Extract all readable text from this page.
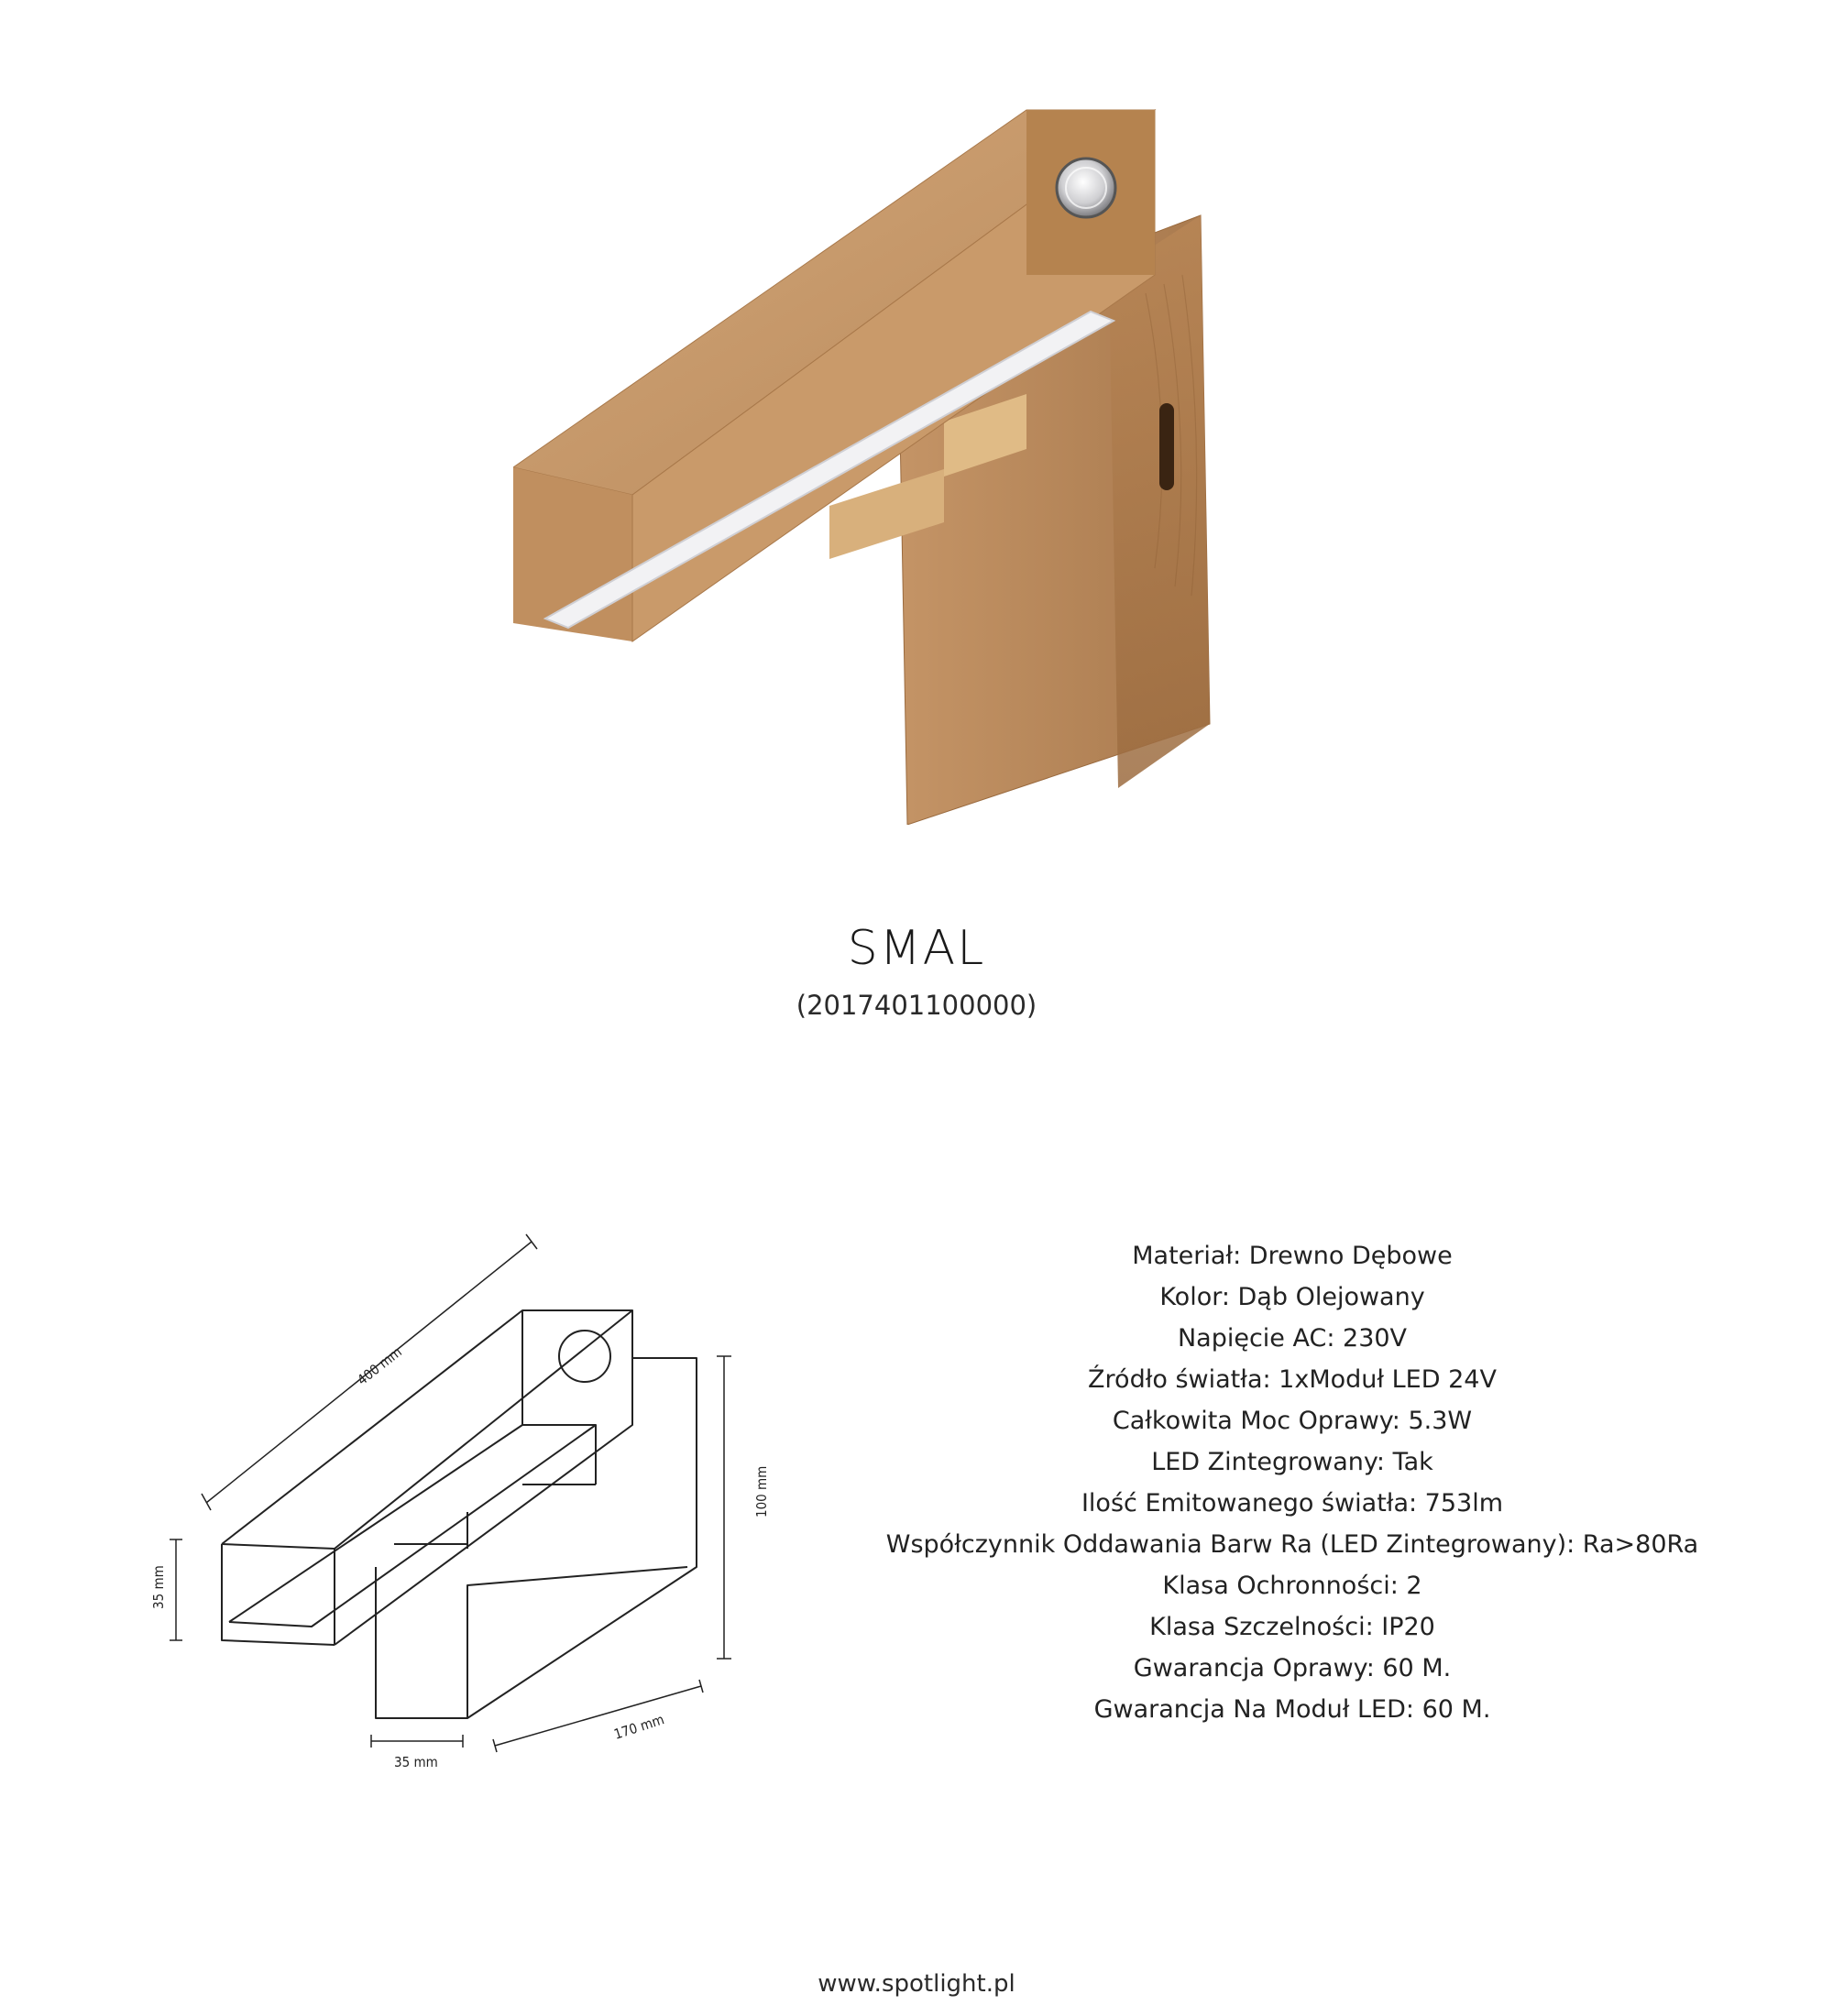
SMAL
(2017401100000)
400 mm
100 mm
35 mm
35 mm
170 mm
Materiał: Drewno Dębowe
Kolor: Dąb Olejowany
Napięcie AC: 230V
Źródło światła: 1xModuł LED 24V
Całkowita Moc Oprawy: 5.3W
LED Zintegrowany: Tak
Ilość Emitowanego światła: 753lm
Współczynnik Oddawania Barw Ra (LED Zintegrowany): Ra>80Ra
Klasa Ochronności: 2
Klasa Szczelności: IP20
Gwarancja Oprawy: 60 M.
Gwarancja Na Moduł LED: 60 M.
www.spotlight.pl
